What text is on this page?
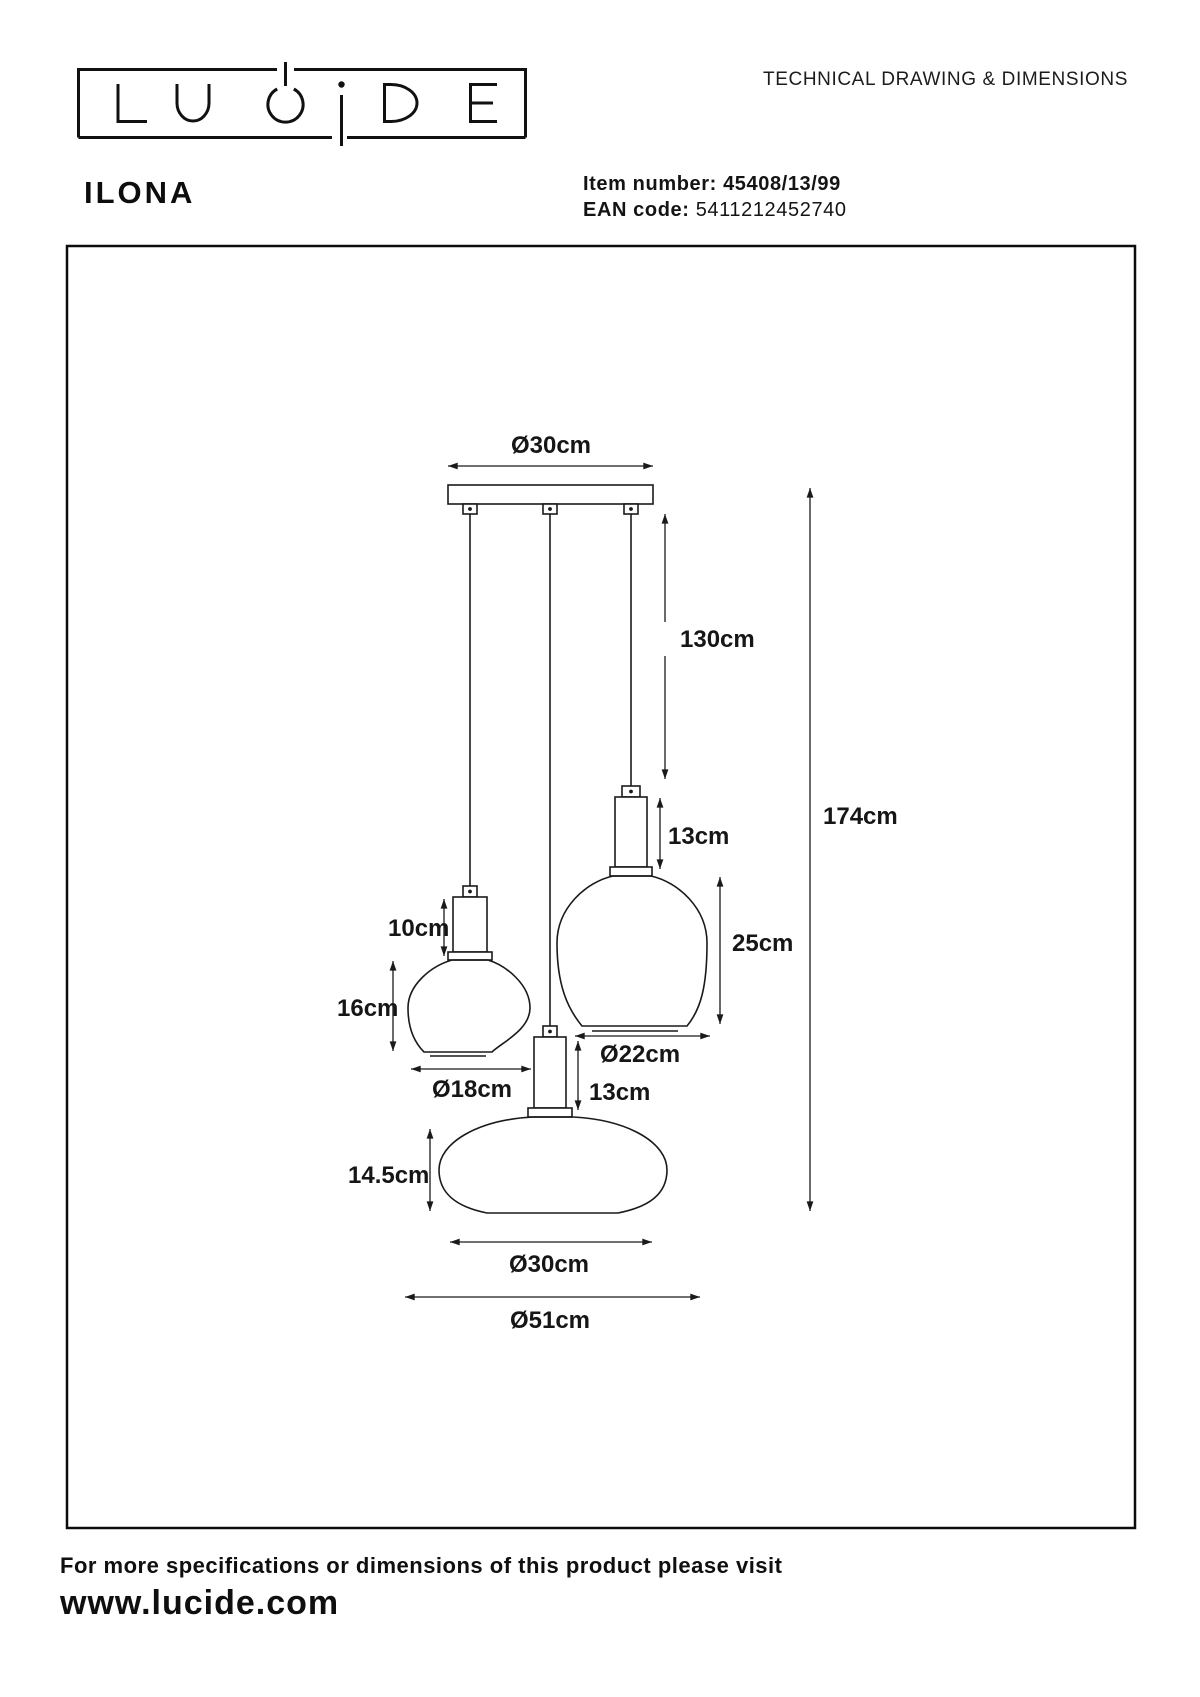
TECHNICAL DRAWING & DIMENSIONS
ILONA	Item number: 45408/13/99
EAN code: 5411212452740
Ø30cm
130cm
174cm
13cm
25cm
Ø22cm
10cm
16cm
Ø18cm	13cm
14.5cm
Ø30cm
Ø51cm
For more specifications or dimensions of this product please visit
www.lucide.com
